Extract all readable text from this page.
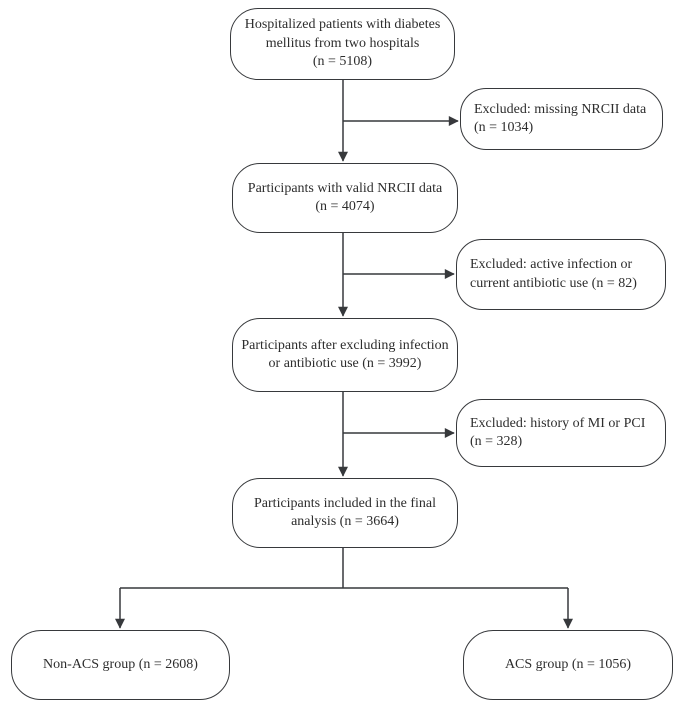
Hospitalized patients with diabetes
mellitus from two hospitals
(n = 5108)
Excluded: missing NRCII data
(n = 1034)
Participants with valid NRCII data
(n = 4074)
Excluded: active infection or
current antibiotic use (n = 82)
Participants after excluding infection
or antibiotic use (n = 3992)
Excluded: history of MI or PCI
(n = 328)
Participants included in the final
analysis (n = 3664)
Non-ACS group (n = 2608)	ACS group (n = 1056)
